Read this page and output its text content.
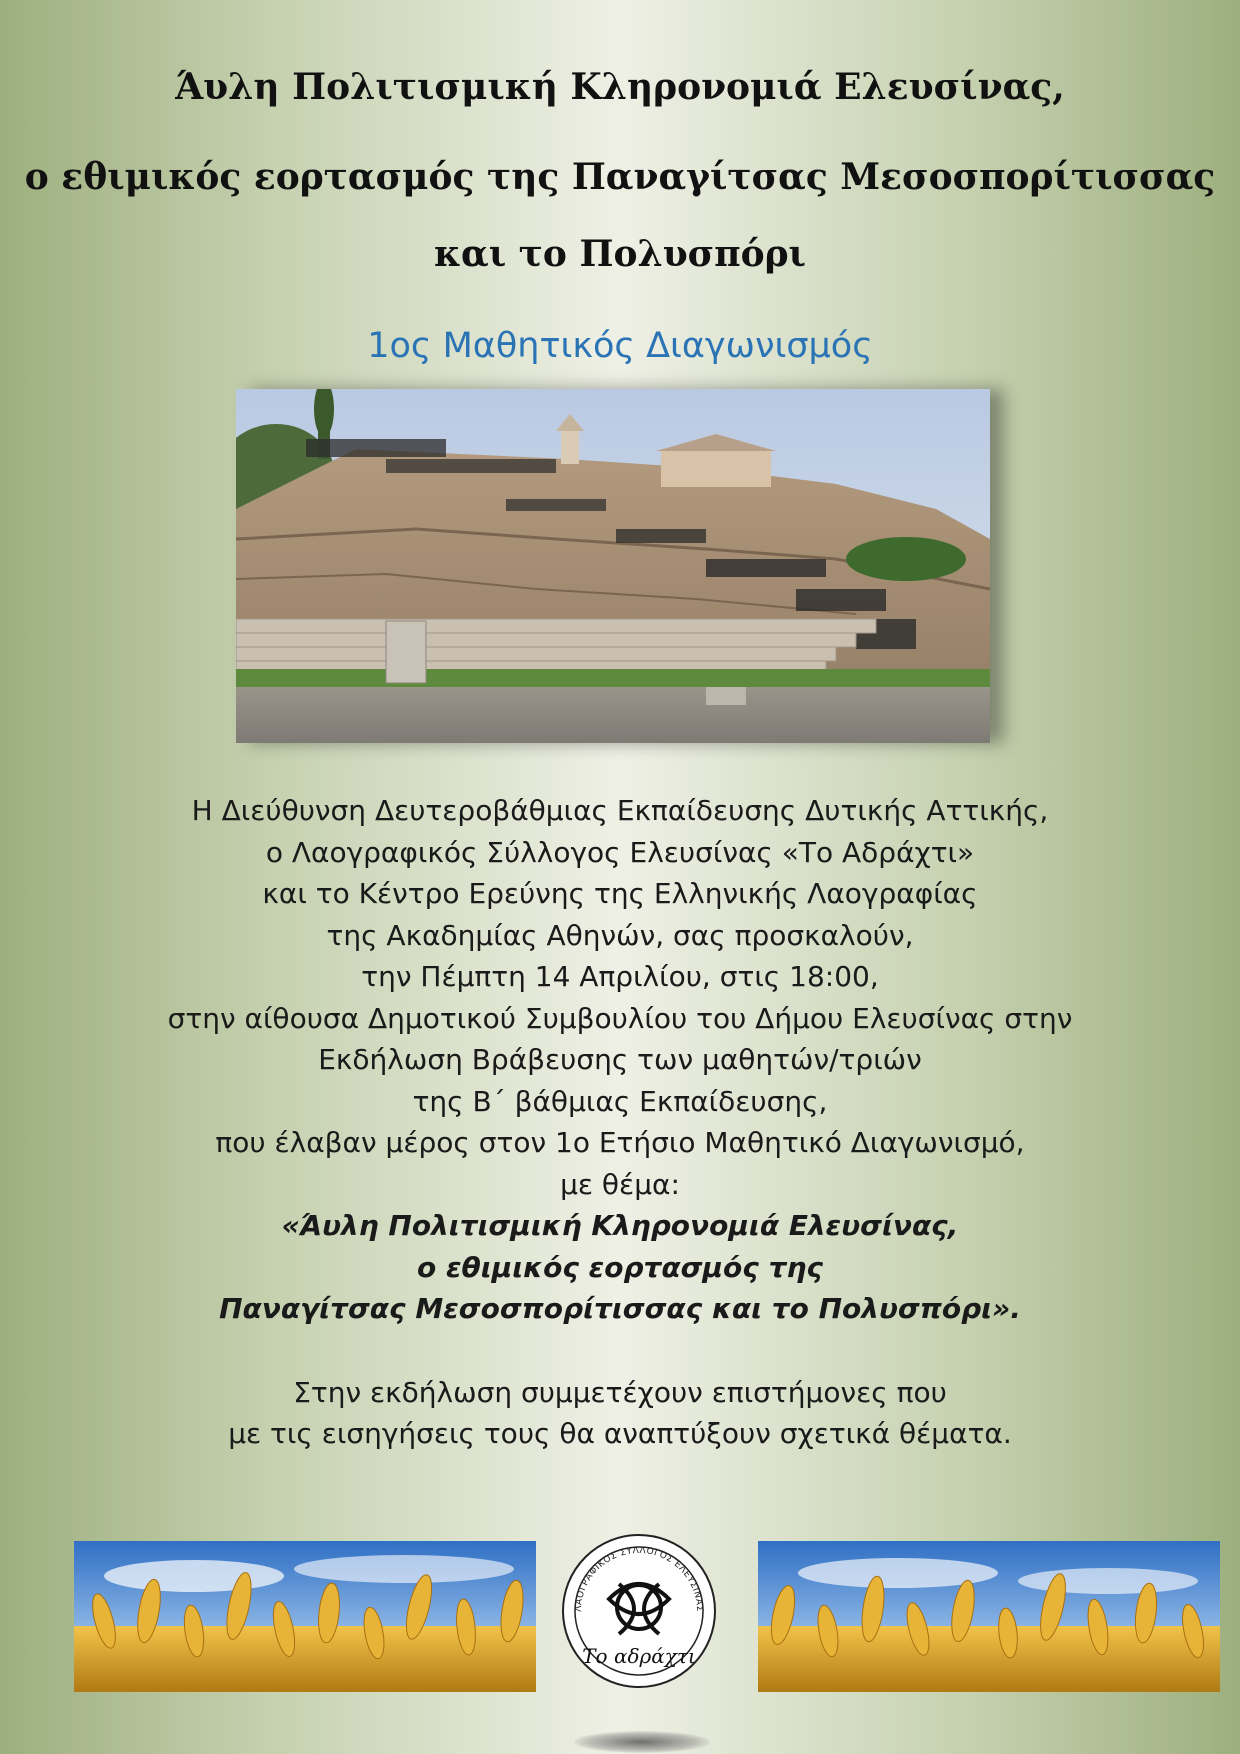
Άυλη Πολιτισμική Κληρονομιά Ελευσίνας,
ο εθιμικός εορτασμός της Παναγίτσας Μεσοσπορίτισσας
και το Πολυσπόρι
1ος Μαθητικός Διαγωνισμός
Η Διεύθυνση Δευτεροβάθμιας Εκπαίδευσης Δυτικής Αττικής,
ο Λαογραφικός Σύλλογος Ελευσίνας «Το Αδράχτι»
και το Κέντρο Ερεύνης της Ελληνικής Λαογραφίας
της Ακαδημίας Αθηνών, σας προσκαλούν,
την Πέμπτη 14 Απριλίου, στις 18:00,
στην αίθουσα Δημοτικού Συμβουλίου του Δήμου Ελευσίνας στην
Εκδήλωση Βράβευσης των μαθητών/τριών
της Β΄ βάθμιας Εκπαίδευσης,
που έλαβαν μέρος στον 1ο Ετήσιο Μαθητικό Διαγωνισμό,
με θέμα:
«Άυλη Πολιτισμική Κληρονομιά Ελευσίνας,
ο εθιμικός εορτασμός της
Παναγίτσας Μεσοσπορίτισσας και το Πολυσπόρι».
Στην εκδήλωση συμμετέχουν επιστήμονες που
με τις εισηγήσεις τους θα αναπτύξουν σχετικά θέματα.
ΛΑΟΓΡΑΦΙΚΟΣ ΣΥΛΛΟΓΟΣ ΕΛΕΥΣΙΝΑΣ
Το αδράχτι
